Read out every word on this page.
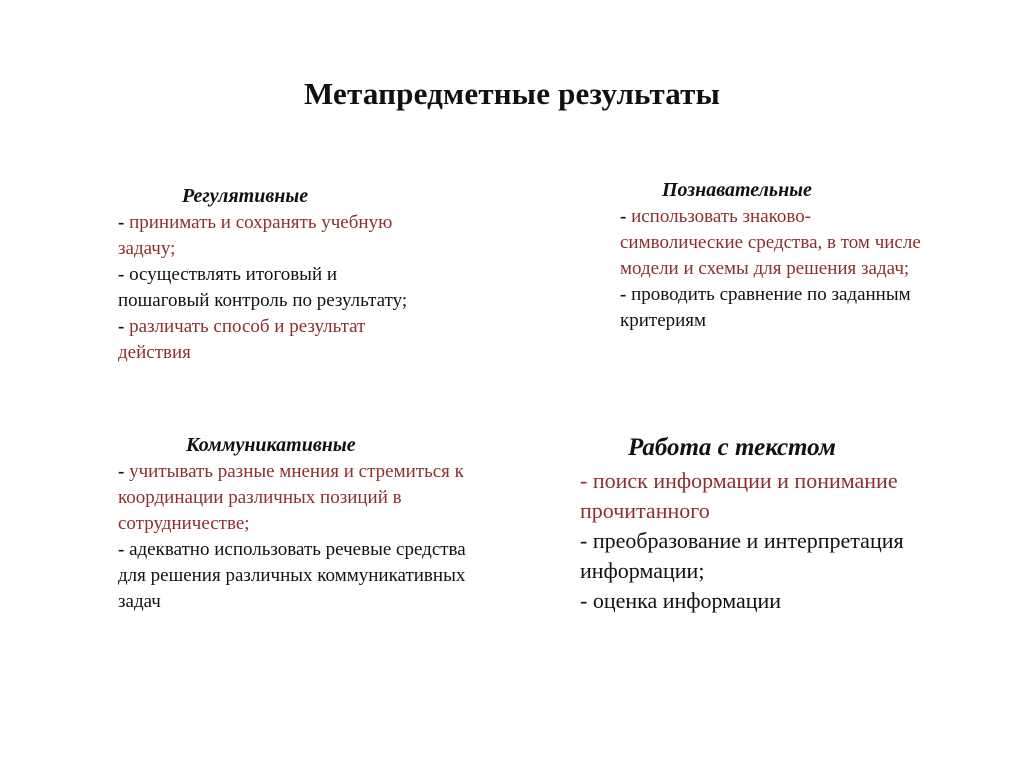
Метапредметные результаты

Регулятивные

- принимать и сохранять учебную задачу;

- осуществлять итоговый и пошаговый контроль по результату;

- различать способ и результат действия

Познавательные

- использовать знаково-символические средства, в том числе модели и схемы для решения задач;

- проводить сравнение по заданным критериям

Коммуникативные

- учитывать разные мнения и стремиться к координации различных позиций в сотрудничестве;

- адекватно использовать речевые средства для решения различных коммуникативных задач

Работа с текстом

- поиск информации и понимание прочитанного

- преобразование и интерпретация информации;

- оценка информации
